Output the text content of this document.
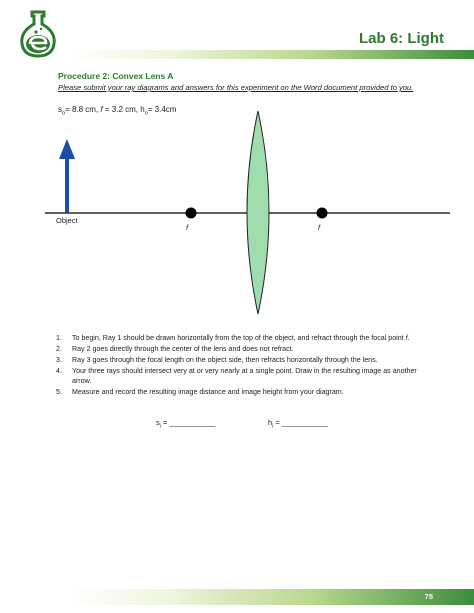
Lab 6: Light
Procedure 2: Convex Lens A
Please submit your ray diagrams and answers for this experiment on the Word document provided to you.
$s_o= 8.8$ cm, f = 3.2 cm, $h_o= 3.4cm$
Object
f	f
1. To begin, Ray 1 should be drawn horizontally from the top of the object, and refract through the focal point f.
2. Ray 2 goes directly through the center of the lens and does not refract.
3. Ray 3 goes through the focal length on the object side, then refracts horizontally through the lens.
4. Your three rays should intersect very at or very nearly at a single point. Draw in the resulting image as another arrow.
5. Measure and record the resulting image distance and image height from your diagram.
$s_i$ = ___________	$h_i$ = ___________
75
